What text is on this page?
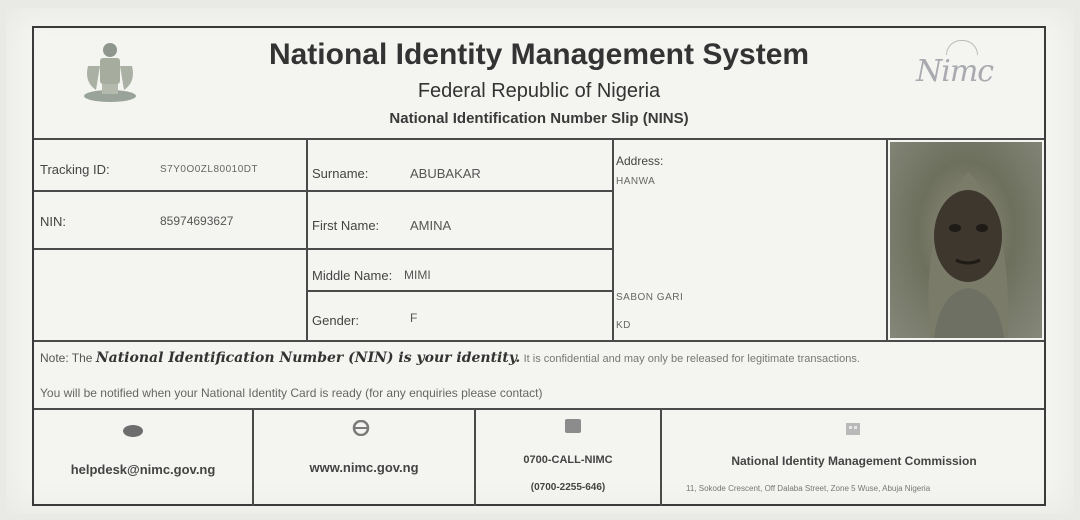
National Identity Management System
Federal Republic of Nigeria
National Identification Number Slip (NINS)
Nimc
Tracking ID:	S7Y0O0ZL80010DT
NIN:	85974693627
Surname:	ABUBAKAR
First Name: AMINA
Middle Name: MIMI
Gender:	F
Address:
HANWA
SABON GARI
KD
Note: The National Identification Number (NIN) is your identity. It is confidential and may only be released for legitimate transactions.
You will be notified when your National Identity Card is ready (for any enquiries please contact)
helpdesk@nimc.gov.ng	www.nimc.gov.ng	0700-CALL-NIMC
(0700-2255-646)
National Identity Management Commission
11, Sokode Crescent, Off Dalaba Street, Zone 5 Wuse, Abuja Nigeria
